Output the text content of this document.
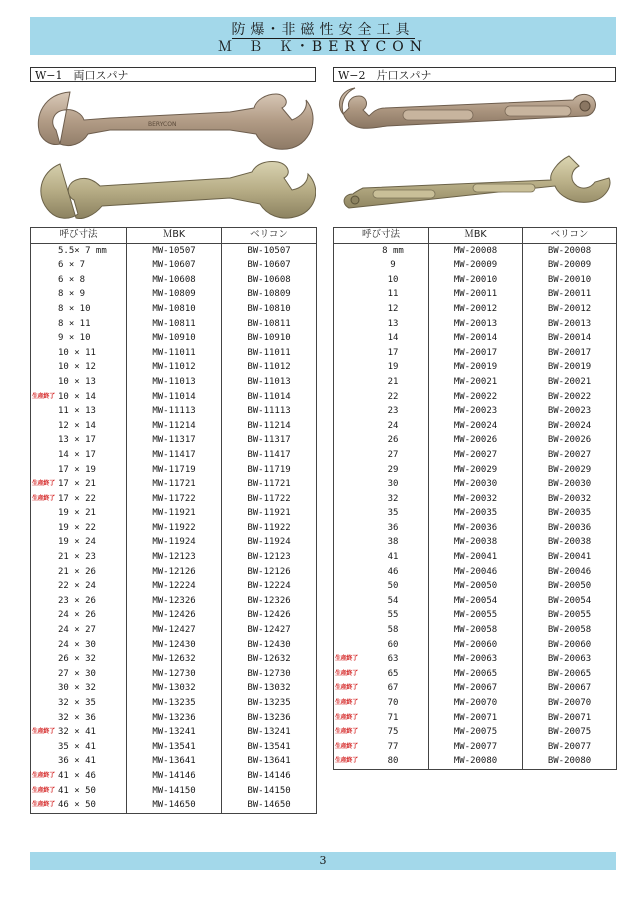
防爆･非磁性安全工具
Ｍ Ｂ Ｋ･BERYCON
W−1　両口スパナ	W−2　片口スパナ
BERYCON
呼び寸法	ＭBK	ベリコン

5.5× 7 mm	MW-10507	BW-10507

6 × 7	MW-10607	BW-10607

6 × 8	MW-10608	BW-10608

8 × 9	MW-10809	BW-10809

8 × 10	MW-10810	BW-10810

8 × 11	MW-10811	BW-10811

9 × 10	MW-10910	BW-10910

10 × 11	MW-11011	BW-11011

10 × 12	MW-11012	BW-11012

10 × 13	MW-11013	BW-11013

生産終了 10 × 14	MW-11014	BW-11014

11 × 13	MW-11113	BW-11113

12 × 14	MW-11214	BW-11214

13 × 17	MW-11317	BW-11317

14 × 17	MW-11417	BW-11417

17 × 19	MW-11719	BW-11719

生産終了 17 × 21	MW-11721	BW-11721

生産終了 17 × 22	MW-11722	BW-11722

19 × 21	MW-11921	BW-11921

19 × 22	MW-11922	BW-11922

19 × 24	MW-11924	BW-11924

21 × 23	MW-12123	BW-12123

21 × 26	MW-12126	BW-12126

22 × 24	MW-12224	BW-12224

23 × 26	MW-12326	BW-12326

24 × 26	MW-12426	BW-12426

24 × 27	MW-12427	BW-12427

24 × 30	MW-12430	BW-12430

26 × 32	MW-12632	BW-12632

27 × 30	MW-12730	BW-12730

30 × 32	MW-13032	BW-13032

32 × 35	MW-13235	BW-13235

32 × 36	MW-13236	BW-13236

生産終了 32 × 41	MW-13241	BW-13241

35 × 41	MW-13541	BW-13541

36 × 41	MW-13641	BW-13641

生産終了 41 × 46	MW-14146	BW-14146

生産終了 41 × 50	MW-14150	BW-14150

生産終了 46 × 50	MW-14650	BW-14650
呼び寸法	ＭBK	ベリコン

8 mm	MW-20008	BW-20008

9	MW-20009	BW-20009

10	MW-20010	BW-20010

11	MW-20011	BW-20011

12	MW-20012	BW-20012

13	MW-20013	BW-20013

14	MW-20014	BW-20014

17	MW-20017	BW-20017

19	MW-20019	BW-20019

21	MW-20021	BW-20021

22	MW-20022	BW-20022

23	MW-20023	BW-20023

24	MW-20024	BW-20024

26	MW-20026	BW-20026

27	MW-20027	BW-20027

29	MW-20029	BW-20029

30	MW-20030	BW-20030

32	MW-20032	BW-20032

35	MW-20035	BW-20035

36	MW-20036	BW-20036

38	MW-20038	BW-20038

41	MW-20041	BW-20041

46	MW-20046	BW-20046

50	MW-20050	BW-20050

54	MW-20054	BW-20054

55	MW-20055	BW-20055

58	MW-20058	BW-20058

60	MW-20060	BW-20060

生産終了 63	MW-20063	BW-20063

生産終了 65	MW-20065	BW-20065

生産終了 67	MW-20067	BW-20067

生産終了 70	MW-20070	BW-20070

生産終了 71	MW-20071	BW-20071

生産終了 75	MW-20075	BW-20075

生産終了 77	MW-20077	BW-20077

生産終了 80	MW-20080	BW-20080
3
